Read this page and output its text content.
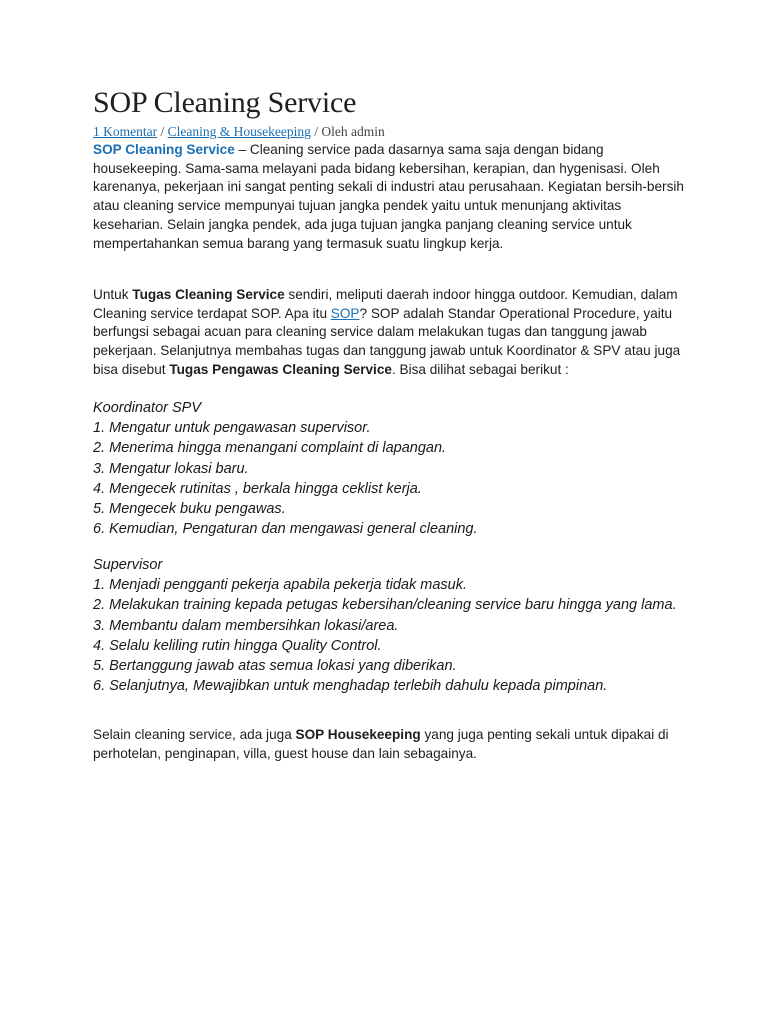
SOP Cleaning Service
1 Komentar / Cleaning & Housekeeping / Oleh admin
SOP Cleaning Service – Cleaning service pada dasarnya sama saja dengan bidang housekeeping. Sama-sama melayani pada bidang kebersihan, kerapian, dan hygenisasi. Oleh karenanya, pekerjaan ini sangat penting sekali di industri atau perusahaan. Kegiatan bersih-bersih atau cleaning service mempunyai tujuan jangka pendek yaitu untuk menunjang aktivitas keseharian. Selain jangka pendek, ada juga tujuan jangka panjang cleaning service untuk mempertahankan semua barang yang termasuk suatu lingkup kerja.
Untuk Tugas Cleaning Service sendiri, meliputi daerah indoor hingga outdoor. Kemudian, dalam Cleaning service terdapat SOP. Apa itu SOP? SOP adalah Standar Operational Procedure, yaitu berfungsi sebagai acuan para cleaning service dalam melakukan tugas dan tanggung jawab pekerjaan. Selanjutnya membahas tugas dan tanggung jawab untuk Koordinator & SPV atau juga bisa disebut Tugas Pengawas Cleaning Service. Bisa dilihat sebagai berikut :
Koordinator SPV
1. Mengatur untuk pengawasan supervisor.
2. Menerima hingga menangani complaint di lapangan.
3. Mengatur lokasi baru.
4. Mengecek rutinitas , berkala hingga ceklist kerja.
5. Mengecek buku pengawas.
6. Kemudian, Pengaturan dan mengawasi general cleaning.
Supervisor
1. Menjadi pengganti pekerja apabila pekerja tidak masuk.
2. Melakukan training kepada petugas kebersihan/cleaning service baru hingga yang lama.
3. Membantu dalam membersihkan lokasi/area.
4. Selalu keliling rutin hingga Quality Control.
5. Bertanggung jawab atas semua lokasi yang diberikan.
6. Selanjutnya, Mewajibkan untuk menghadap terlebih dahulu kepada pimpinan.
Selain cleaning service, ada juga SOP Housekeeping yang juga penting sekali untuk dipakai di perhotelan, penginapan, villa, guest house dan lain sebagainya.
